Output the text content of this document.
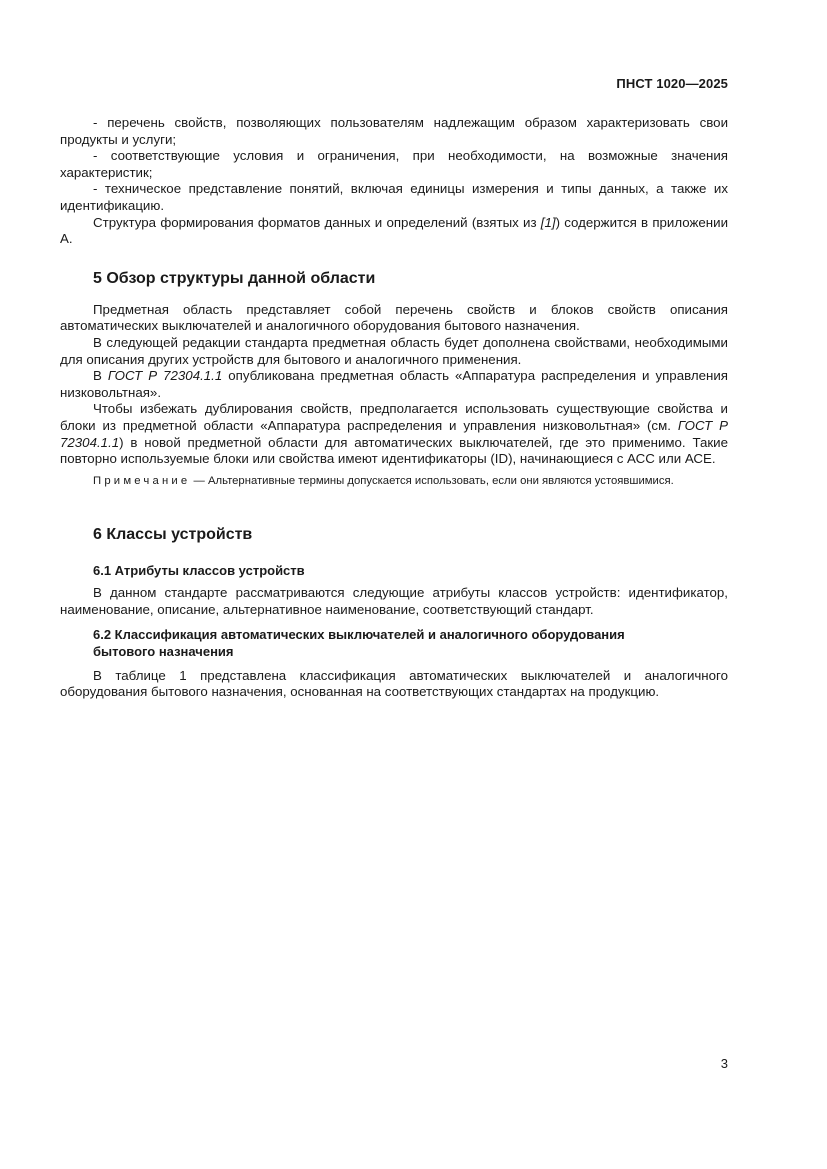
ПНСТ 1020—2025

- перечень свойств, позволяющих пользователям надлежащим образом характеризовать свои продукты и услуги;

- соответствующие условия и ограничения, при необходимости, на возможные значения характеристик;

- техническое представление понятий, включая единицы измерения и типы данных, а также их идентификацию.

Структура формирования форматов данных и определений (взятых из [1]) содержится в приложении А.

5 Обзор структуры данной области

Предметная область представляет собой перечень свойств и блоков свойств описания автоматических выключателей и аналогичного оборудования бытового назначения.

В следующей редакции стандарта предметная область будет дополнена свойствами, необходимыми для описания других устройств для бытового и аналогичного применения.

В ГОСТ Р 72304.1.1 опубликована предметная область «Аппаратура распределения и управления низковольтная».

Чтобы избежать дублирования свойств, предполагается использовать существующие свойства и блоки из предметной области «Аппаратура распределения и управления низковольтная» (см. ГОСТ Р 72304.1.1) в новой предметной области для автоматических выключателей, где это применимо. Такие повторно используемые блоки или свойства имеют идентификаторы (ID), начинающиеся с АСС или АСЕ.

Примечание — Альтернативные термины допускается использовать, если они являются устоявшимися.

6 Классы устройств
6.1 Атрибуты классов устройств

В данном стандарте рассматриваются следующие атрибуты классов устройств: идентификатор, наименование, описание, альтернативное наименование, соответствующий стандарт.

6.2 Классификация автоматических выключателей и аналогичного оборудования бытового назначения

В таблице 1 представлена классификация автоматических выключателей и аналогичного оборудования бытового назначения, основанная на соответствующих стандартах на продукцию.

3
